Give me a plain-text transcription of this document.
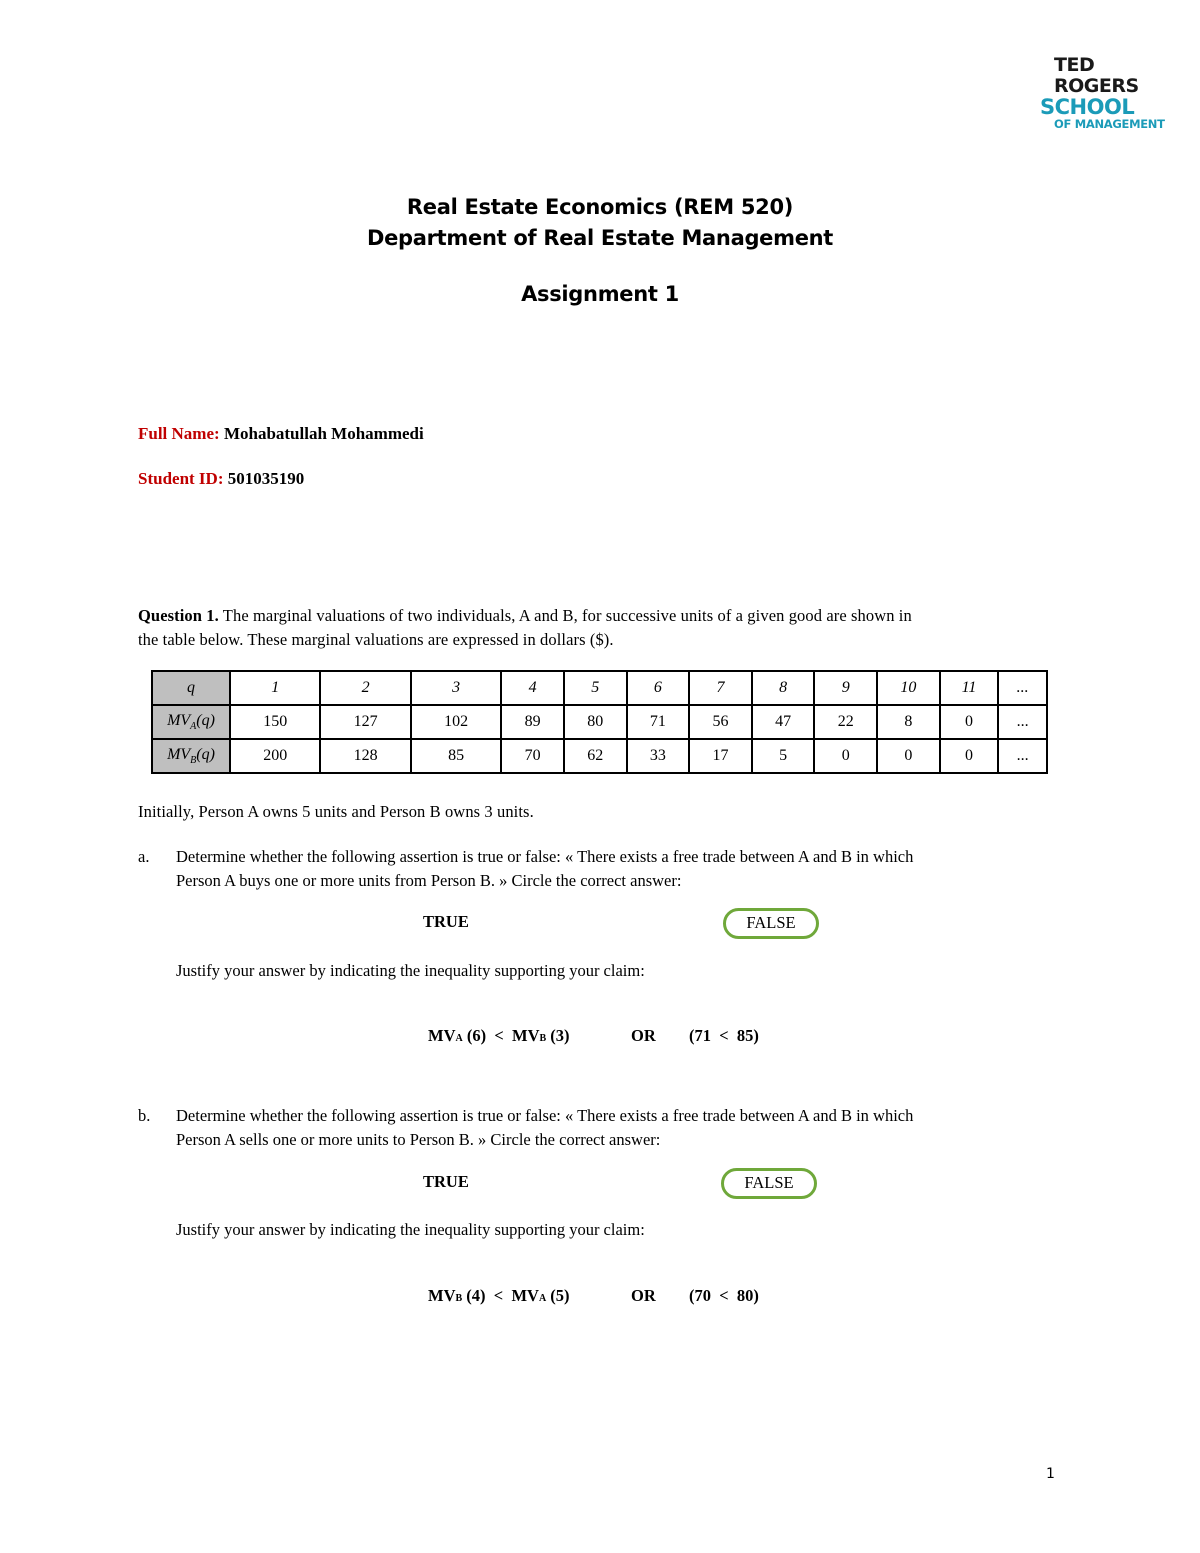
TED
ROGERS
SCHOOL
OF MANAGEMENT
Real Estate Economics (REM 520)
Department of Real Estate Management
Assignment 1
Full Name: Mohabatullah Mohammedi
Student ID: 501035190
Question 1. The marginal valuations of two individuals, A and B, for successive units of a given good are shown in
the table below. These marginal valuations are expressed in dollars ($).
q	1	2	3	4	5	6	7	8	9	10	11	...
$MV_A(q)$	150	127	102	89	80	71	56	47	22	8	0	...
$MV_B(q)$	200	128	85	70	62	33	17	5	0	0	0	...
Initially, Person A owns 5 units and Person B owns 3 units.
a. Determine whether the following assertion is true or false: « There exists a free trade between A and B in which
Person A buys one or more units from Person B. » Circle the correct answer:
TRUE	FALSE
Justify your answer by indicating the inequality supporting your claim:
MVA (6)  <  MVB (3)	OR (71  <  85)
b. Determine whether the following assertion is true or false: « There exists a free trade between A and B in which
Person A sells one or more units to Person B. » Circle the correct answer:
TRUE	FALSE
Justify your answer by indicating the inequality supporting your claim:
MVB (4)  <  MVA (5)	OR (70  <  80)
1
